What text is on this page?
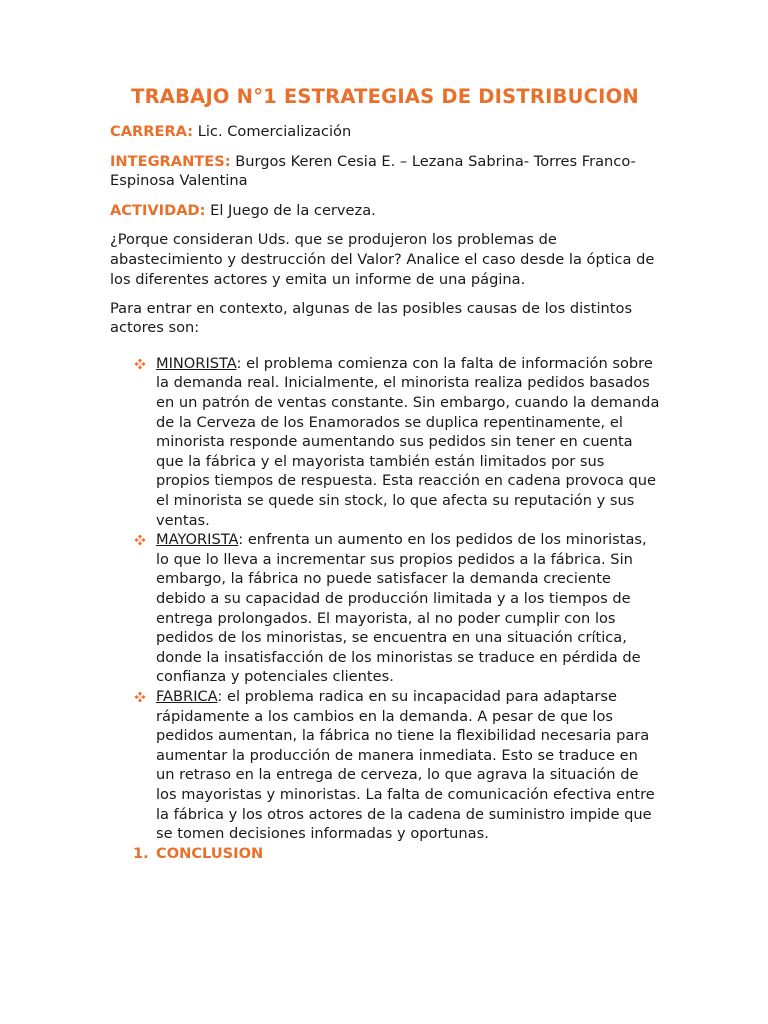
TRABAJO N°1 ESTRATEGIAS DE DISTRIBUCION

CARRERA: Lic. Comercialización

INTEGRANTES: Burgos Keren Cesia E. – Lezana Sabrina- Torres Franco- Espinosa Valentina

ACTIVIDAD: El Juego de la cerveza.

¿Porque consideran Uds. que se produjeron los problemas de abastecimiento y destrucción del Valor? Analice el caso desde la óptica de los diferentes actores y emita un informe de una página.

Para entrar en contexto, algunas de las posibles causas de los distintos actores son:

MINORISTA: el problema comienza con la falta de información sobre la demanda real. Inicialmente, el minorista realiza pedidos basados en un patrón de ventas constante. Sin embargo, cuando la demanda de la Cerveza de los Enamorados se duplica repentinamente, el minorista responde aumentando sus pedidos sin tener en cuenta que la fábrica y el mayorista también están limitados por sus propios tiempos de respuesta. Esta reacción en cadena provoca que el minorista se quede sin stock, lo que afecta su reputación y sus ventas.
MAYORISTA: enfrenta un aumento en los pedidos de los minoristas, lo que lo lleva a incrementar sus propios pedidos a la fábrica. Sin embargo, la fábrica no puede satisfacer la demanda creciente debido a su capacidad de producción limitada y a los tiempos de entrega prolongados. El mayorista, al no poder cumplir con los pedidos de los minoristas, se encuentra en una situación crítica, donde la insatisfacción de los minoristas se traduce en pérdida de confianza y potenciales clientes.
FABRICA: el problema radica en su incapacidad para adaptarse rápidamente a los cambios en la demanda. A pesar de que los pedidos aumentan, la fábrica no tiene la flexibilidad necesaria para aumentar la producción de manera inmediata. Esto se traduce en un retraso en la entrega de cerveza, lo que agrava la situación de los mayoristas y minoristas. La falta de comunicación efectiva entre la fábrica y los otros actores de la cadena de suministro impide que se tomen decisiones informadas y oportunas.

1. CONCLUSION
